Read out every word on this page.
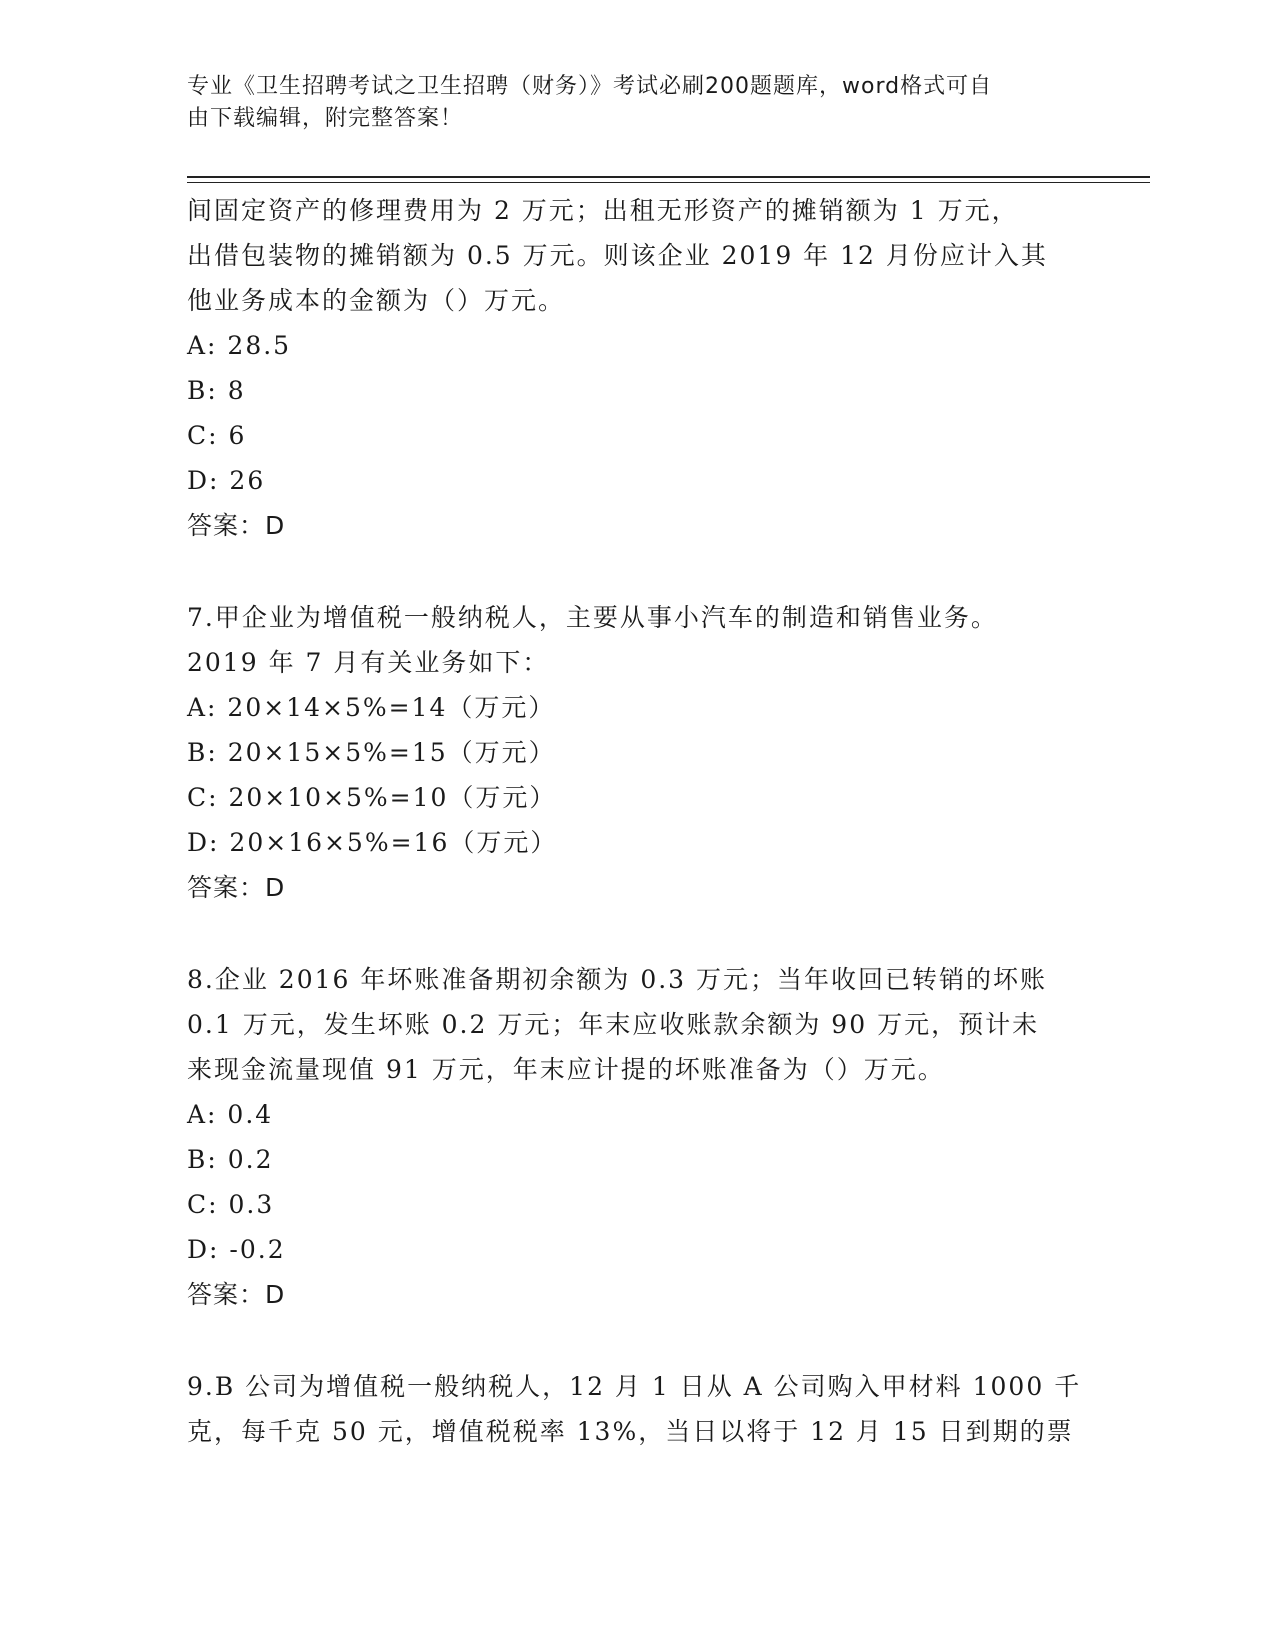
专业《卫生招聘考试之卫生招聘（财务）》考试必刷200题题库，word格式可自
由下载编辑，附完整答案！
间固定资产的修理费用为 2 万元；出租无形资产的摊销额为 1 万元，
出借包装物的摊销额为 0.5 万元。则该企业 2019 年 12 月份应计入其
他业务成本的金额为（）万元。
A: 28.5
B: 8
C: 6
D: 26
答案：D
7.甲企业为增值税一般纳税人，主要从事小汽车的制造和销售业务。
2019 年 7 月有关业务如下：
A: 20×14×5%=14（万元）
B: 20×15×5%=15（万元）
C: 20×10×5%=10（万元）
D: 20×16×5%=16（万元）
答案：D
8.企业 2016 年坏账准备期初余额为 0.3 万元；当年收回已转销的坏账
0.1 万元，发生坏账 0.2 万元；年末应收账款余额为 90 万元，预计未
来现金流量现值 91 万元，年末应计提的坏账准备为（）万元。
A: 0.4
B: 0.2
C: 0.3
D: -0.2
答案：D
9.B 公司为增值税一般纳税人，12 月 1 日从 A 公司购入甲材料 1000 千
克，每千克 50 元，增值税税率 13%，当日以将于 12 月 15 日到期的票
